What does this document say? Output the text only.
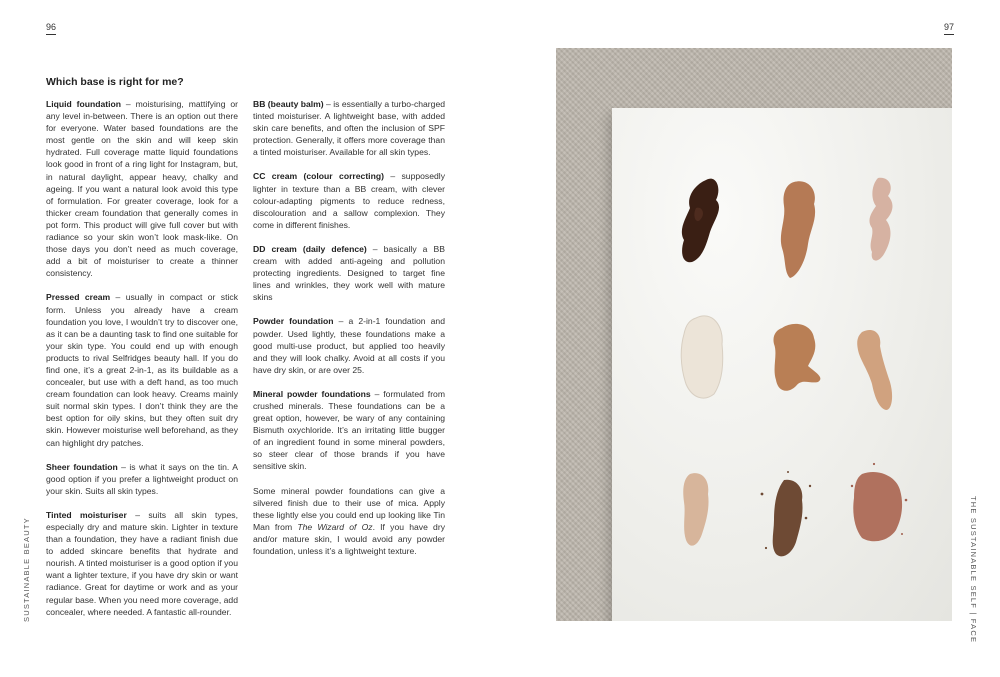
96	97
Which base is right for me?

Liquid foundation – moisturising, mattifying or any level in-between. There is an option out there for everyone. Water based foundations are the most gentle on the skin and will keep skin hydrated. Full coverage matte liquid foundations look good in front of a ring light for Instagram, but, in natural daylight, appear heavy, chalky and ageing. If you want a natural look avoid this type of formulation. For greater coverage, look for a thicker cream foundation that generally comes in pot form. This product will give full cover but with radiance so your skin won’t look mask-like. On those days you don’t need as much coverage, add a bit of moisturiser to create a thinner consistency.

Pressed cream – usually in compact or stick form. Unless you already have a cream foundation you love, I wouldn’t try to discover one, as it can be a daunting task to find one suitable for your skin type. You could end up with enough products to rival Selfridges beauty hall. If you do find one, it’s a great 2-in-1, as its buildable as a concealer, but use with a deft hand, as too much cream foundation can look heavy. Creams mainly suit normal skin types. I don’t think they are the best option for oily skins, but they often suit dry skin. However moisturise well beforehand, as they can highlight dry patches.

Sheer foundation – is what it says on the tin. A good option if you prefer a lightweight product on your skin. Suits all skin types.

Tinted moisturiser – suits all skin types, especially dry and mature skin. Lighter in texture than a foundation, they have a radiant finish due to added skincare benefits that hydrate and nourish. A tinted moisturiser is a good option if you want a lighter texture, if you have dry skin or want radiance. Great for daytime or work and as your regular base. When you need more coverage, add concealer, where needed. A fantastic all-rounder.

BB (beauty balm) – is essentially a turbo-charged tinted moisturiser. A lightweight base, with added skin care benefits, and often the inclusion of SPF protection. Generally, it offers more coverage than a tinted moisturiser. Available for all skin types.

CC cream (colour correcting) – supposedly lighter in texture than a BB cream, with clever colour-adapting pigments to reduce redness, discolouration and a sallow complexion. They come in different finishes.

DD cream (daily defence) – basically a BB cream with added anti-ageing and pollution protecting ingredients. Designed to target fine lines and wrinkles, they work well with mature skins

Powder foundation – a 2-in-1 foundation and powder. Used lightly, these foundations make a good multi-use product, but applied too heavily and they will look chalky. Avoid at all costs if you have dry skin, or are over 25.

Mineral powder foundations – formulated from crushed minerals. These foundations can be a great option, however, be wary of any containing Bismuth oxychloride. It’s an irritating little bugger of an ingredient found in some mineral powders, so steer clear of those brands if you have sensitive skin.

Some mineral powder foundations can give a silvered finish due to their use of mica. Apply these lightly else you could end up looking like Tin Man from The Wizard of Oz. If you have dry and/or mature skin, I would avoid any powder foundation, unless it’s a lightweight texture.

SUSTAINABLE BEAUTY	THE SUSTAINABLE SELF | FACE
